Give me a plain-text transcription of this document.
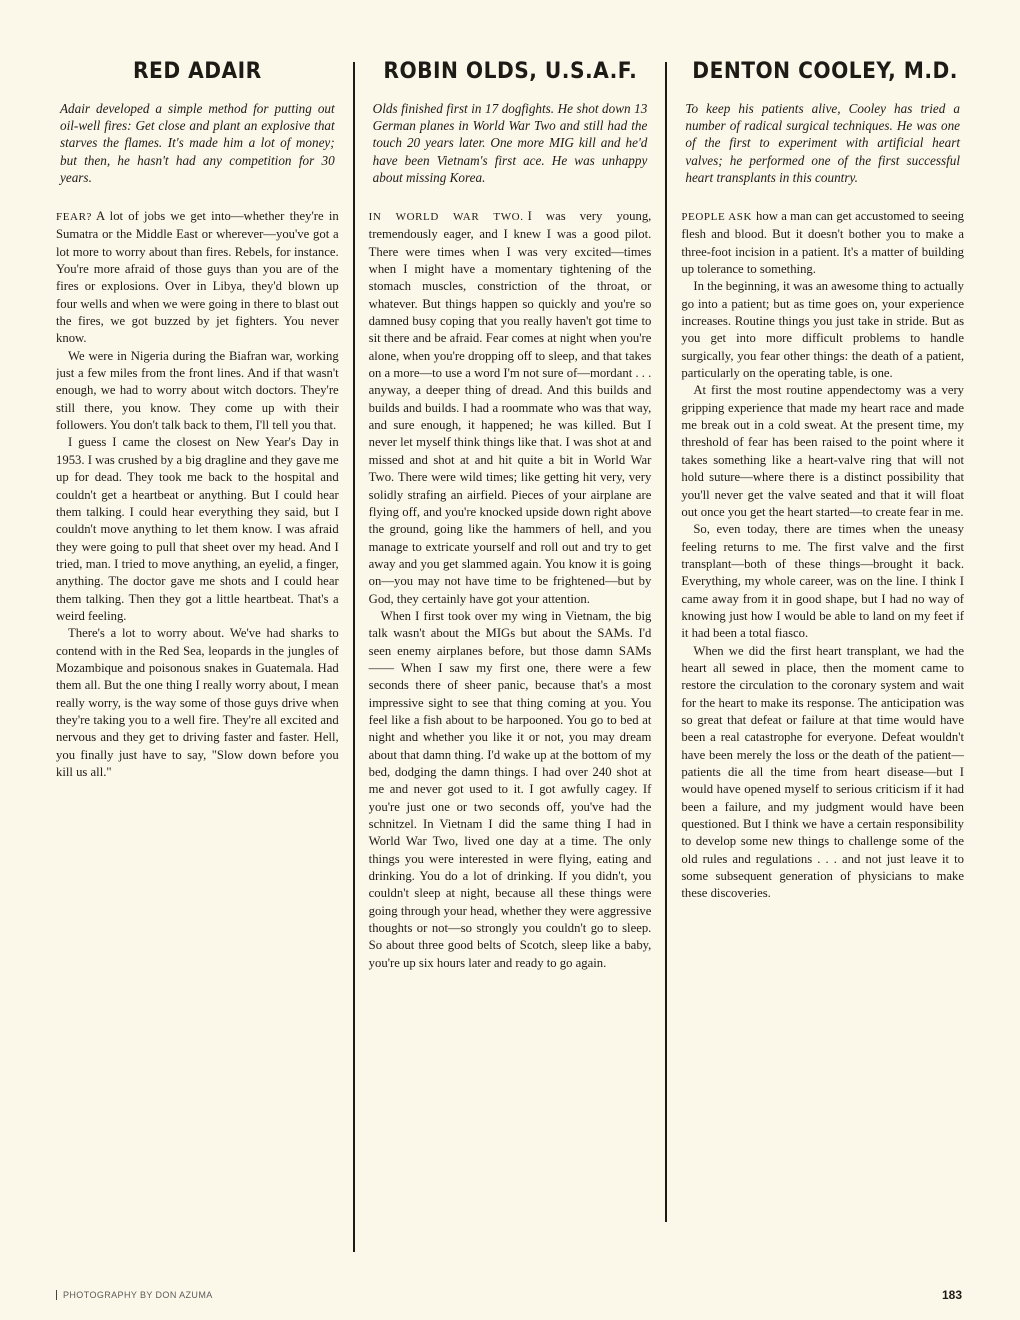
RED ADAIR

Adair developed a simple method for putting out oil-well fires: Get close and plant an explosive that starves the flames. It's made him a lot of money; but then, he hasn't had any competition for 30 years.

FEAR? A lot of jobs we get into—whether they're in Sumatra or the Middle East or wherever—you've got a lot more to worry about than fires. Rebels, for instance. You're more afraid of those guys than you are of the fires or explosions. Over in Libya, they'd blown up four wells and when we were going in there to blast out the fires, we got buzzed by jet fighters. You never know.

We were in Nigeria during the Biafran war, working just a few miles from the front lines. And if that wasn't enough, we had to worry about witch doctors. They're still there, you know. They come up with their followers. You don't talk back to them, I'll tell you that.

I guess I came the closest on New Year's Day in 1953. I was crushed by a big dragline and they gave me up for dead. They took me back to the hospital and couldn't get a heartbeat or anything. But I could hear them talking. I could hear everything they said, but I couldn't move anything to let them know. I was afraid they were going to pull that sheet over my head. And I tried, man. I tried to move anything, an eyelid, a finger, anything. The doctor gave me shots and I could hear them talking. Then they got a little heartbeat. That's a weird feeling.

There's a lot to worry about. We've had sharks to contend with in the Red Sea, leopards in the jungles of Mozambique and poisonous snakes in Guatemala. Had them all. But the one thing I really worry about, I mean really worry, is the way some of those guys drive when they're taking you to a well fire. They're all excited and nervous and they get to driving faster and faster. Hell, you finally just have to say, "Slow down before you kill us all."

ROBIN OLDS, U.S.A.F.

Olds finished first in 17 dogfights. He shot down 13 German planes in World War Two and still had the touch 20 years later. One more MIG kill and he'd have been Vietnam's first ace. He was unhappy about missing Korea.

IN WORLD WAR TWO. I was very young, tremendously eager, and I knew I was a good pilot. There were times when I was very excited—times when I might have a momentary tightening of the stomach muscles, constriction of the throat, or whatever. But things happen so quickly and you're so damned busy coping that you really haven't got time to sit there and be afraid. Fear comes at night when you're alone, when you're dropping off to sleep, and that takes on a more—to use a word I'm not sure of—mordant . . . anyway, a deeper thing of dread. And this builds and builds and builds. I had a roommate who was that way, and sure enough, it happened; he was killed. But I never let myself think things like that. I was shot at and missed and shot at and hit quite a bit in World War Two. There were wild times; like getting hit very, very solidly strafing an airfield. Pieces of your airplane are flying off, and you're knocked upside down right above the ground, going like the hammers of hell, and you manage to extricate yourself and roll out and try to get away and you get slammed again. You know it is going on—you may not have time to be frightened—but by God, they certainly have got your attention.

When I first took over my wing in Vietnam, the big talk wasn't about the MIGs but about the SAMs. I'd seen enemy airplanes before, but those damn SAMs—— When I saw my first one, there were a few seconds there of sheer panic, because that's a most impressive sight to see that thing coming at you. You feel like a fish about to be harpooned. You go to bed at night and whether you like it or not, you may dream about that damn thing. I'd wake up at the bottom of my bed, dodging the damn things. I had over 240 shot at me and never got used to it. I got awfully cagey. If you're just one or two seconds off, you've had the schnitzel. In Vietnam I did the same thing I had in World War Two, lived one day at a time. The only things you were interested in were flying, eating and drinking. You do a lot of drinking. If you didn't, you couldn't sleep at night, because all these things were going through your head, whether they were aggressive thoughts or not—so strongly you couldn't go to sleep. So about three good belts of Scotch, sleep like a baby, you're up six hours later and ready to go again.

DENTON COOLEY, M.D.

To keep his patients alive, Cooley has tried a number of radical surgical techniques. He was one of the first to experiment with artificial heart valves; he performed one of the first successful heart transplants in this country.

PEOPLE ASK how a man can get accustomed to seeing flesh and blood. But it doesn't bother you to make a three-foot incision in a patient. It's a matter of building up tolerance to something.

In the beginning, it was an awesome thing to actually go into a patient; but as time goes on, your experience increases. Routine things you just take in stride. But as you get into more difficult problems to handle surgically, you fear other things: the death of a patient, particularly on the operating table, is one.

At first the most routine appendectomy was a very gripping experience that made my heart race and made me break out in a cold sweat. At the present time, my threshold of fear has been raised to the point where it takes something like a heart-valve ring that will not hold suture—where there is a distinct possibility that you'll never get the valve seated and that it will float out once you get the heart started—to create fear in me.

So, even today, there are times when the uneasy feeling returns to me. The first valve and the first transplant—both of these things—brought it back. Everything, my whole career, was on the line. I think I came away from it in good shape, but I had no way of knowing just how I would be able to land on my feet if it had been a total fiasco.

When we did the first heart transplant, we had the heart all sewed in place, then the moment came to restore the circulation to the coronary system and wait for the heart to make its response. The anticipation was so great that defeat or failure at that time would have been a real catastrophe for everyone. Defeat wouldn't have been merely the loss or the death of the patient—patients die all the time from heart disease—but I would have opened myself to serious criticism if it had been a failure, and my judgment would have been questioned. But I think we have a certain responsibility to develop some new things to challenge some of the old rules and regulations . . . and not just leave it to some subsequent generation of physicians to make these discoveries.

PHOTOGRAPHY BY DON AZUMA	183
